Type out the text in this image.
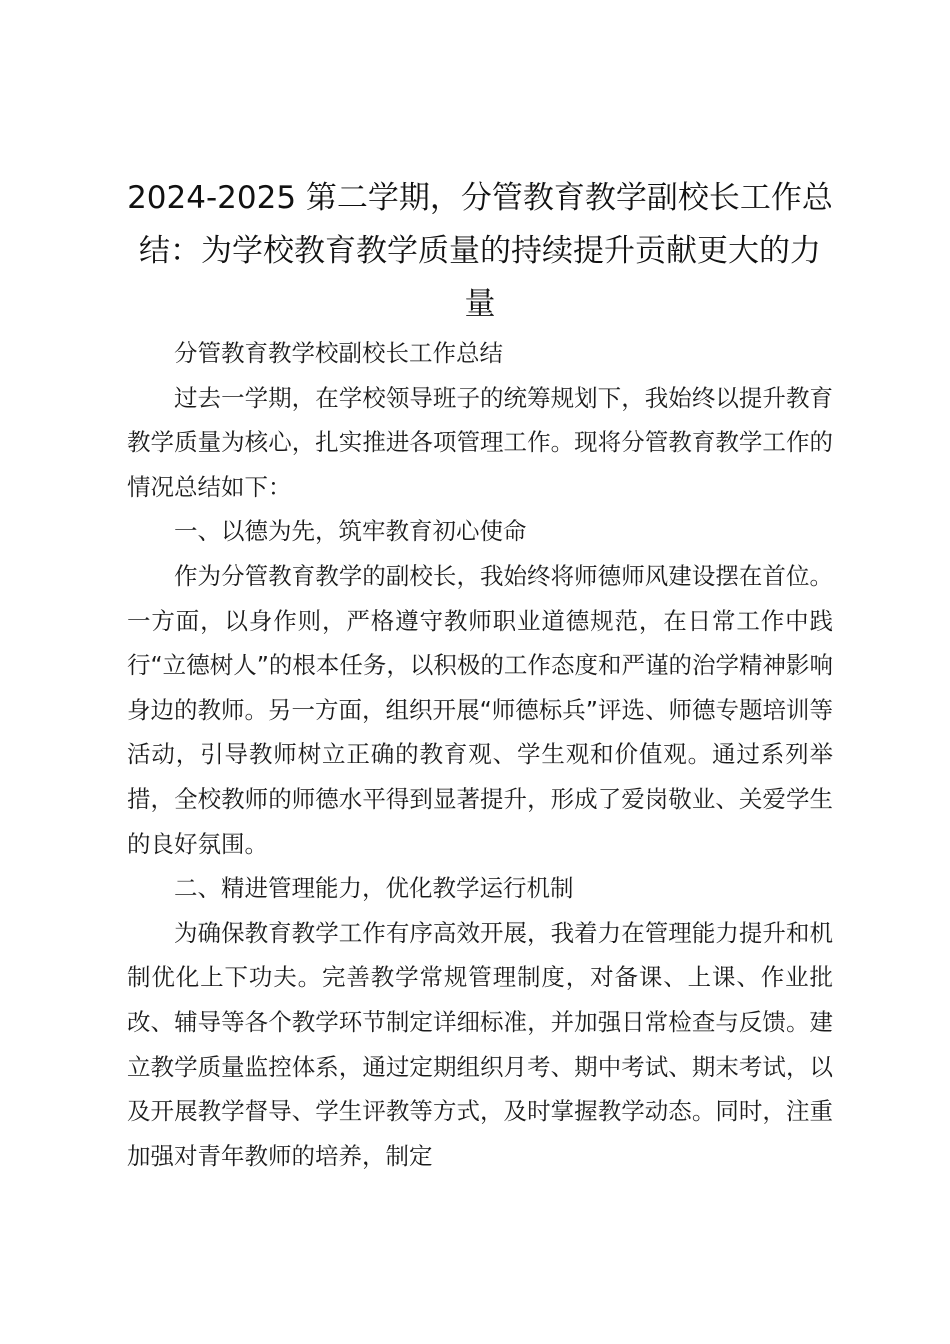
2024-2025 第二学期，分管教育教学副校长工作总结：为学校教育教学质量的持续提升贡献更大的力量

分管教育教学校副校长工作总结

过去一学期，在学校领导班子的统筹规划下，我始终以提升教育教学质量为核心，扎实推进各项管理工作。现将分管教育教学工作的情况总结如下：

一、以德为先，筑牢教育初心使命

作为分管教育教学的副校长，我始终将师德师风建设摆在首位。一方面，以身作则，严格遵守教师职业道德规范，在日常工作中践行“立德树人”的根本任务，以积极的工作态度和严谨的治学精神影响身边的教师。另一方面，组织开展“师德标兵”评选、师德专题培训等活动，引导教师树立正确的教育观、学生观和价值观。通过系列举措，全校教师的师德水平得到显著提升，形成了爱岗敬业、关爱学生的良好氛围。

二、精进管理能力，优化教学运行机制

为确保教育教学工作有序高效开展，我着力在管理能力提升和机制优化上下功夫。完善教学常规管理制度，对备课、上课、作业批改、辅导等各个教学环节制定详细标准，并加强日常检查与反馈。建立教学质量监控体系，通过定期组织月考、期中考试、期末考试，以及开展教学督导、学生评教等方式，及时掌握教学动态。同时，注重加强对青年教师的培养，制定
